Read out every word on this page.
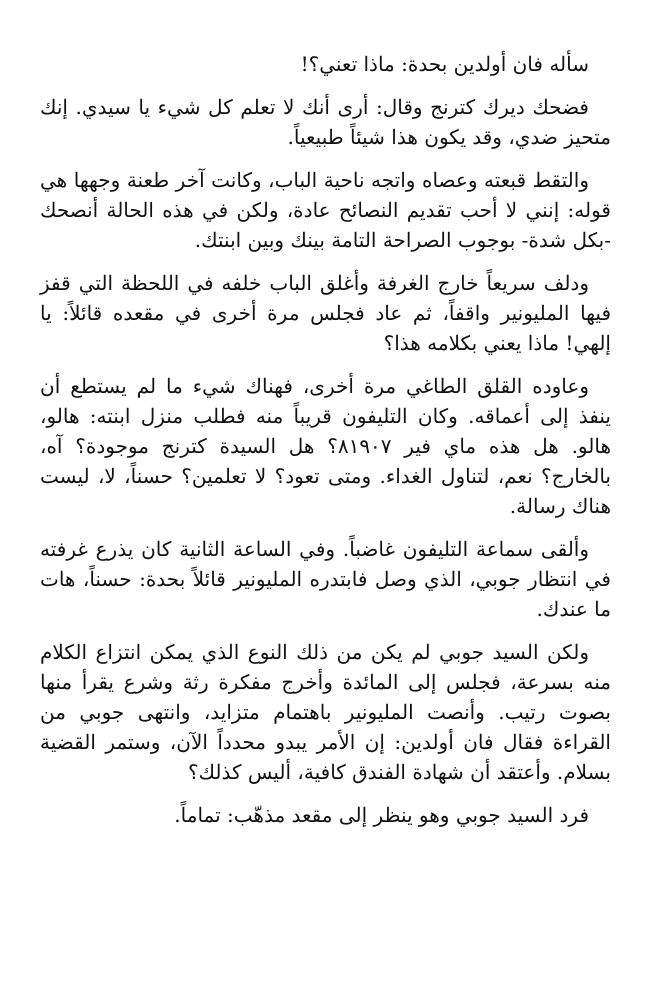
سأله فان أولدين بحدة: ماذا تعني؟!

فضحك ديرك كترنج وقال: أرى أنك لا تعلم كل شيء يا سيدي. إنك متحيز ضدي، وقد يكون هذا شيئاً طبيعياً.

والتقط قبعته وعصاه واتجه ناحية الباب، وكانت آخر طعنة وجهها هي قوله: إنني لا أحب تقديم النصائح عادة، ولكن في هذه الحالة أنصحك -بكل شدة- بوجوب الصراحة التامة بينك وبين ابنتك.

ودلف سريعاً خارج الغرفة وأغلق الباب خلفه في اللحظة التي قفز فيها المليونير واقفاً، ثم عاد فجلس مرة أخرى في مقعده قائلاً: يا إلهي! ماذا يعني بكلامه هذا؟

وعاوده القلق الطاغي مرة أخرى، فهناك شيء ما لم يستطع أن ينفذ إلى أعماقه. وكان التليفون قريباً منه فطلب منزل ابنته: هالو، هالو. هل هذه ماي فير ٨١٩٠٧؟ هل السيدة كترنج موجودة؟ آه، بالخارج؟ نعم، لتناول الغداء. ومتى تعود؟ لا تعلمين؟ حسناً، لا، ليست هناك رسالة.

وألقى سماعة التليفون غاضباً. وفي الساعة الثانية كان يذرع غرفته في انتظار جوبي، الذي وصل فابتدره المليونير قائلاً بحدة: حسناً، هات ما عندك.

ولكن السيد جوبي لم يكن من ذلك النوع الذي يمكن انتزاع الكلام منه بسرعة، فجلس إلى المائدة وأخرج مفكرة رثة وشرع يقرأ منها بصوت رتيب. وأنصت المليونير باهتمام متزايد، وانتهى جوبي من القراءة فقال فان أولدين: إن الأمر يبدو محدداً الآن، وستمر القضية بسلام. وأعتقد أن شهادة الفندق كافية، أليس كذلك؟

فرد السيد جوبي وهو ينظر إلى مقعد مذهّب: تماماً.
